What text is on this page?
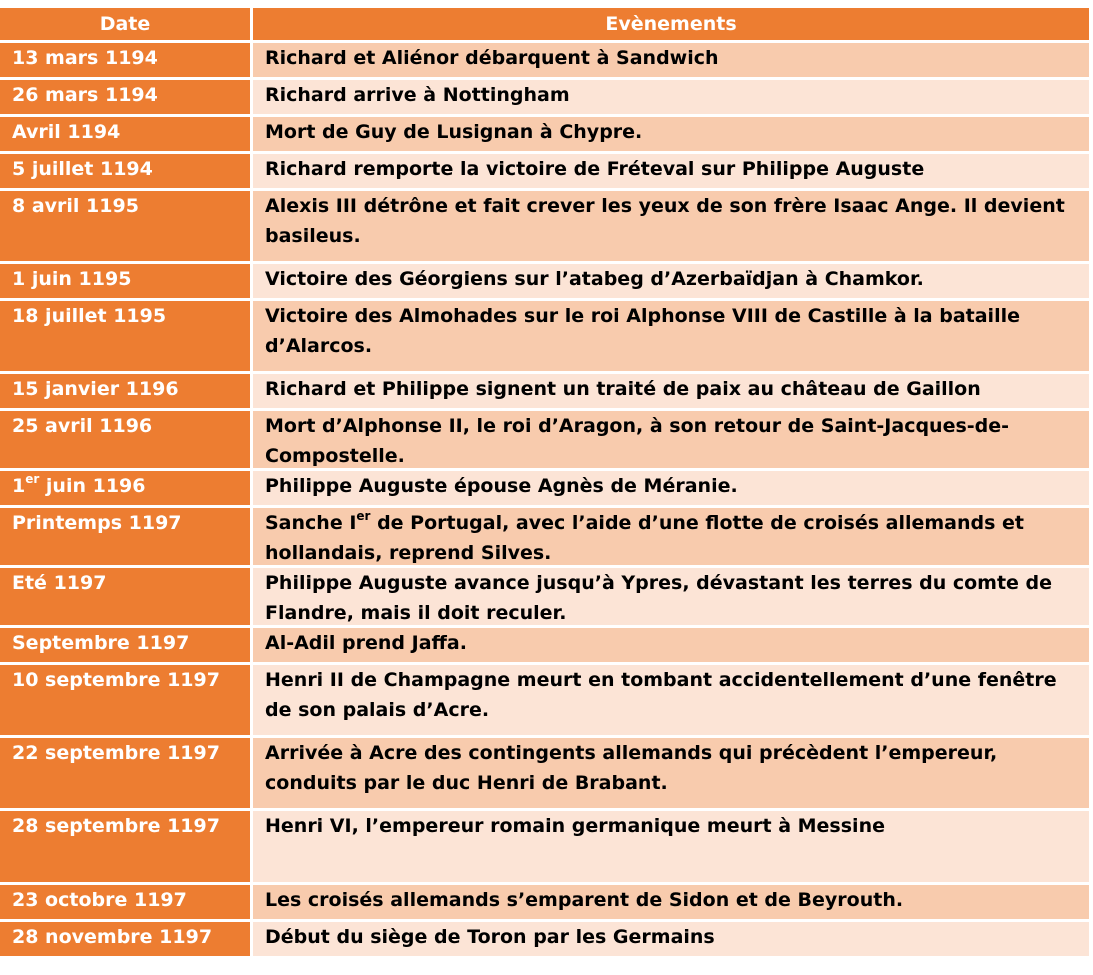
Date	Evènements
13 mars 1194	Richard et Aliénor débarquent à Sandwich
26 mars 1194	Richard arrive à Nottingham
Avril 1194	Mort de Guy de Lusignan à Chypre.
5 juillet 1194	Richard remporte la victoire de Fréteval sur Philippe Auguste
8 avril 1195	Alexis III détrône et fait crever les yeux de son frère Isaac Ange. Il devient basileus.
1 juin 1195	Victoire des Géorgiens sur l’atabeg d’Azerbaïdjan à Chamkor.
18 juillet 1195	Victoire des Almohades sur le roi Alphonse VIII de Castille à la bataille d’Alarcos.
15 janvier 1196	Richard et Philippe signent un traité de paix au château de Gaillon
25 avril 1196	Mort d’Alphonse II, le roi d’Aragon, à son retour de Saint-Jacques-de-Compostelle.
1er juin 1196	Philippe Auguste épouse Agnès de Méranie.
Printemps 1197	Sanche Ier de Portugal, avec l’aide d’une flotte de croisés allemands et hollandais, reprend Silves.
Eté 1197	Philippe Auguste avance jusqu’à Ypres, dévastant les terres du comte de Flandre, mais il doit reculer.
Septembre 1197	Al-Adil prend Jaffa.
10 septembre 1197	Henri II de Champagne meurt en tombant accidentellement d’une fenêtre de son palais d’Acre.
22 septembre 1197	Arrivée à Acre des contingents allemands qui précèdent l’empereur, conduits par le duc Henri de Brabant.
28 septembre 1197	Henri VI, l’empereur romain germanique meurt à Messine
23 octobre 1197	Les croisés allemands s’emparent de Sidon et de Beyrouth.
28 novembre 1197	Début du siège de Toron par les Germains
